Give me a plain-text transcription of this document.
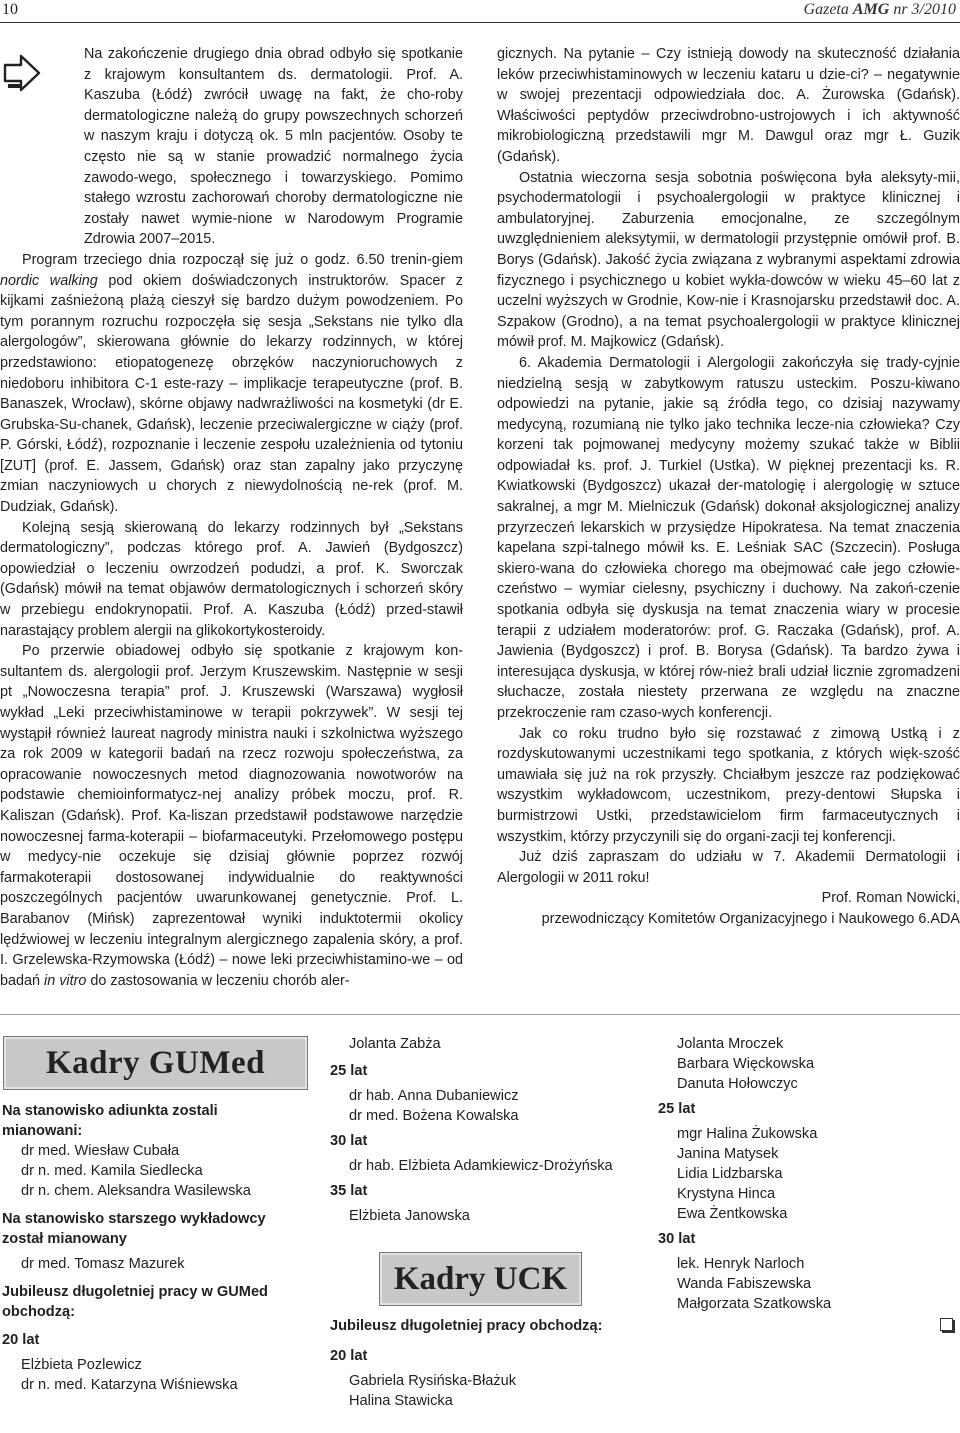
10	Gazeta AMG nr 3/2010

Na zakończenie drugiego dnia obrad odbyło się spotkanie z krajowym konsultantem ds. dermatologii. Prof. A. Kaszuba (Łódź) zwrócił uwagę na fakt, że cho-roby dermatologiczne należą do grupy powszechnych schorzeń w naszym kraju i dotyczą ok. 5 mln pacjentów. Osoby te często nie są w stanie prowadzić normalnego życia zawodo-wego, społecznego i towarzyskiego. Pomimo stałego wzrostu zachorowań choroby dermatologiczne nie zostały nawet wymie-nione w Narodowym Programie Zdrowia 2007–2015.

Program trzeciego dnia rozpoczął się już o godz. 6.50 trenin-giem nordic walking pod okiem doświadczonych instruktorów. Spacer z kijkami zaśnieżoną plażą cieszył się bardzo dużym powodzeniem. Po tym porannym rozruchu rozpoczęła się sesja „Sekstans nie tylko dla alergologów”, skierowana głównie do lekarzy rodzinnych, w której przedstawiono: etiopatogenezę obrzęków naczynioruchowych z niedoboru inhibitora C-1 este-razy – implikacje terapeutyczne (prof. B. Banaszek, Wrocław), skórne objawy nadwrażliwości na kosmetyki (dr E. Grubska-Su-chanek, Gdańsk), leczenie przeciwalergiczne w ciąży (prof. P. Górski, Łódź), rozpoznanie i leczenie zespołu uzależnienia od tytoniu [ZUT] (prof. E. Jassem, Gdańsk) oraz stan zapalny jako przyczynę zmian naczyniowych u chorych z niewydolnością ne-rek (prof. M. Dudziak, Gdańsk).

Kolejną sesją skierowaną do lekarzy rodzinnych był „Sekstans dermatologiczny”, podczas którego prof. A. Jawień (Bydgoszcz) opowiedział o leczeniu owrzodzeń podudzi, a prof. K. Sworczak (Gdańsk) mówił na temat objawów dermatologicznych i schorzeń skóry w przebiegu endokrynopatii. Prof. A. Kaszuba (Łódź) przed-stawił narastający problem alergii na glikokortykosteroidy.

Po przerwie obiadowej odbyło się spotkanie z krajowym kon-sultantem ds. alergologii prof. Jerzym Kruszewskim. Następnie w sesji pt „Nowoczesna terapia” prof. J. Kruszewski (Warszawa) wygłosił wykład „Leki przeciwhistaminowe w terapii pokrzywek”. W sesji tej wystąpił również laureat nagrody ministra nauki i szkolnictwa wyższego za rok 2009 w kategorii badań na rzecz rozwoju społeczeństwa, za opracowanie nowoczesnych metod diagnozowania nowotworów na podstawie chemioinformatycz-nej analizy próbek moczu, prof. R. Kaliszan (Gdańsk). Prof. Ka-liszan przedstawił podstawowe narzędzie nowoczesnej farma-koterapii – biofarmaceutyki. Przełomowego postępu w medycy-nie oczekuje się dzisiaj głównie poprzez rozwój farmakoterapii dostosowanej indywidualnie do reaktywności poszczególnych pacjentów uwarunkowanej genetycznie. Prof. L. Barabanov (Mińsk) zaprezentował wyniki induktotermii okolicy lędźwiowej w leczeniu integralnym alergicznego zapalenia skóry, a prof. I. Grzelewska-Rzymowska (Łódź) – nowe leki przeciwhistamino-we – od badań in vitro do zastosowania w leczeniu chorób aler-

gicznych. Na pytanie – Czy istnieją dowody na skuteczność działania leków przeciwhistaminowych w leczeniu kataru u dzie-ci? – negatywnie w swojej prezentacji odpowiedziała doc. A. Żurowska (Gdańsk). Właściwości peptydów przeciwdrobno-ustrojowych i ich aktywność mikrobiologiczną przedstawili mgr M. Dawgul oraz mgr Ł. Guzik (Gdańsk).

Ostatnia wieczorna sesja sobotnia poświęcona była aleksyty-mii, psychodermatologii i psychoalergologii w praktyce klinicznej i ambulatoryjnej. Zaburzenia emocjonalne, ze szczególnym uwzględnieniem aleksytymii, w dermatologii przystępnie omówił prof. B. Borys (Gdańsk). Jakość życia związana z wybranymi aspektami zdrowia fizycznego i psychicznego u kobiet wykła-dowców w wieku 45–60 lat z uczelni wyższych w Grodnie, Kow-nie i Krasnojarsku przedstawił doc. A. Szpakow (Grodno), a na temat psychoalergologii w praktyce klinicznej mówił prof. M. Majkowicz (Gdańsk).

6. Akademia Dermatologii i Alergologii zakończyła się trady-cyjnie niedzielną sesją w zabytkowym ratuszu usteckim. Poszu-kiwano odpowiedzi na pytanie, jakie są źródła tego, co dzisiaj nazywamy medycyną, rozumianą nie tylko jako technika lecze-nia człowieka? Czy korzeni tak pojmowanej medycyny możemy szukać także w Biblii odpowiadał ks. prof. J. Turkiel (Ustka). W pięknej prezentacji ks. R. Kwiatkowski (Bydgoszcz) ukazał der-matologię i alergologię w sztuce sakralnej, a mgr M. Mielniczuk (Gdańsk) dokonał aksjologicznej analizy przyrzeczeń lekarskich w przysiędze Hipokratesa. Na temat znaczenia kapelana szpi-talnego mówił ks. E. Leśniak SAC (Szczecin). Posługa skiero-wana do człowieka chorego ma obejmować całe jego człowie-czeństwo – wymiar cielesny, psychiczny i duchowy. Na zakoń-czenie spotkania odbyła się dyskusja na temat znaczenia wiary w procesie terapii z udziałem moderatorów: prof. G. Raczaka (Gdańsk), prof. A. Jawienia (Bydgoszcz) i prof. B. Borysa (Gdańsk). Ta bardzo żywa i interesująca dyskusja, w której rów-nież brali udział licznie zgromadzeni słuchacze, została niestety przerwana ze względu na znaczne przekroczenie ram czaso-wych konferencji.

Jak co roku trudno było się rozstawać z zimową Ustką i z rozdyskutowanymi uczestnikami tego spotkania, z których więk-szość umawiała się już na rok przyszły. Chciałbym jeszcze raz podziękować wszystkim wykładowcom, uczestnikom, prezy-dentowi Słupska i burmistrzowi Ustki, przedstawicielom firm farmaceutycznych i wszystkim, którzy przyczynili się do organi-zacji tej konferencji.

Już dziś zapraszam do udziału w 7. Akademii Dermatologii i Alergologii w 2011 roku!

Prof. Roman Nowicki,
przewodniczący Komitetów Organizacyjnego i Naukowego 6.ADA
Kadry GUMed
Na stanowisko adiunkta zostali mianowani:
dr med. Wiesław Cubała
dr n. med. Kamila Siedlecka
dr n. chem. Aleksandra Wasilewska
Na stanowisko starszego wykładowcy został mianowany
dr med. Tomasz Mazurek
Jubileusz długoletniej pracy w GUMed obchodzą:
20 lat
Elżbieta Pozlewicz
dr n. med. Katarzyna Wiśniewska
Jolanta Zabża
25 lat
dr hab. Anna Dubaniewicz
dr med. Bożena Kowalska
30 lat
dr hab. Elżbieta Adamkiewicz-Drożyńska
35 lat
Elżbieta Janowska
Kadry UCK
Jubileusz długoletniej pracy obchodzą:
20 lat
Gabriela Rysińska-Błażuk
Halina Stawicka
Jolanta Mroczek
Barbara Więckowska
Danuta Hołowczyc
25 lat
mgr Halina Żukowska
Janina Matysek
Lidia Lidzbarska
Krystyna Hinca
Ewa Żentkowska
30 lat
lek. Henryk Narloch
Wanda Fabiszewska
Małgorzata Szatkowska
